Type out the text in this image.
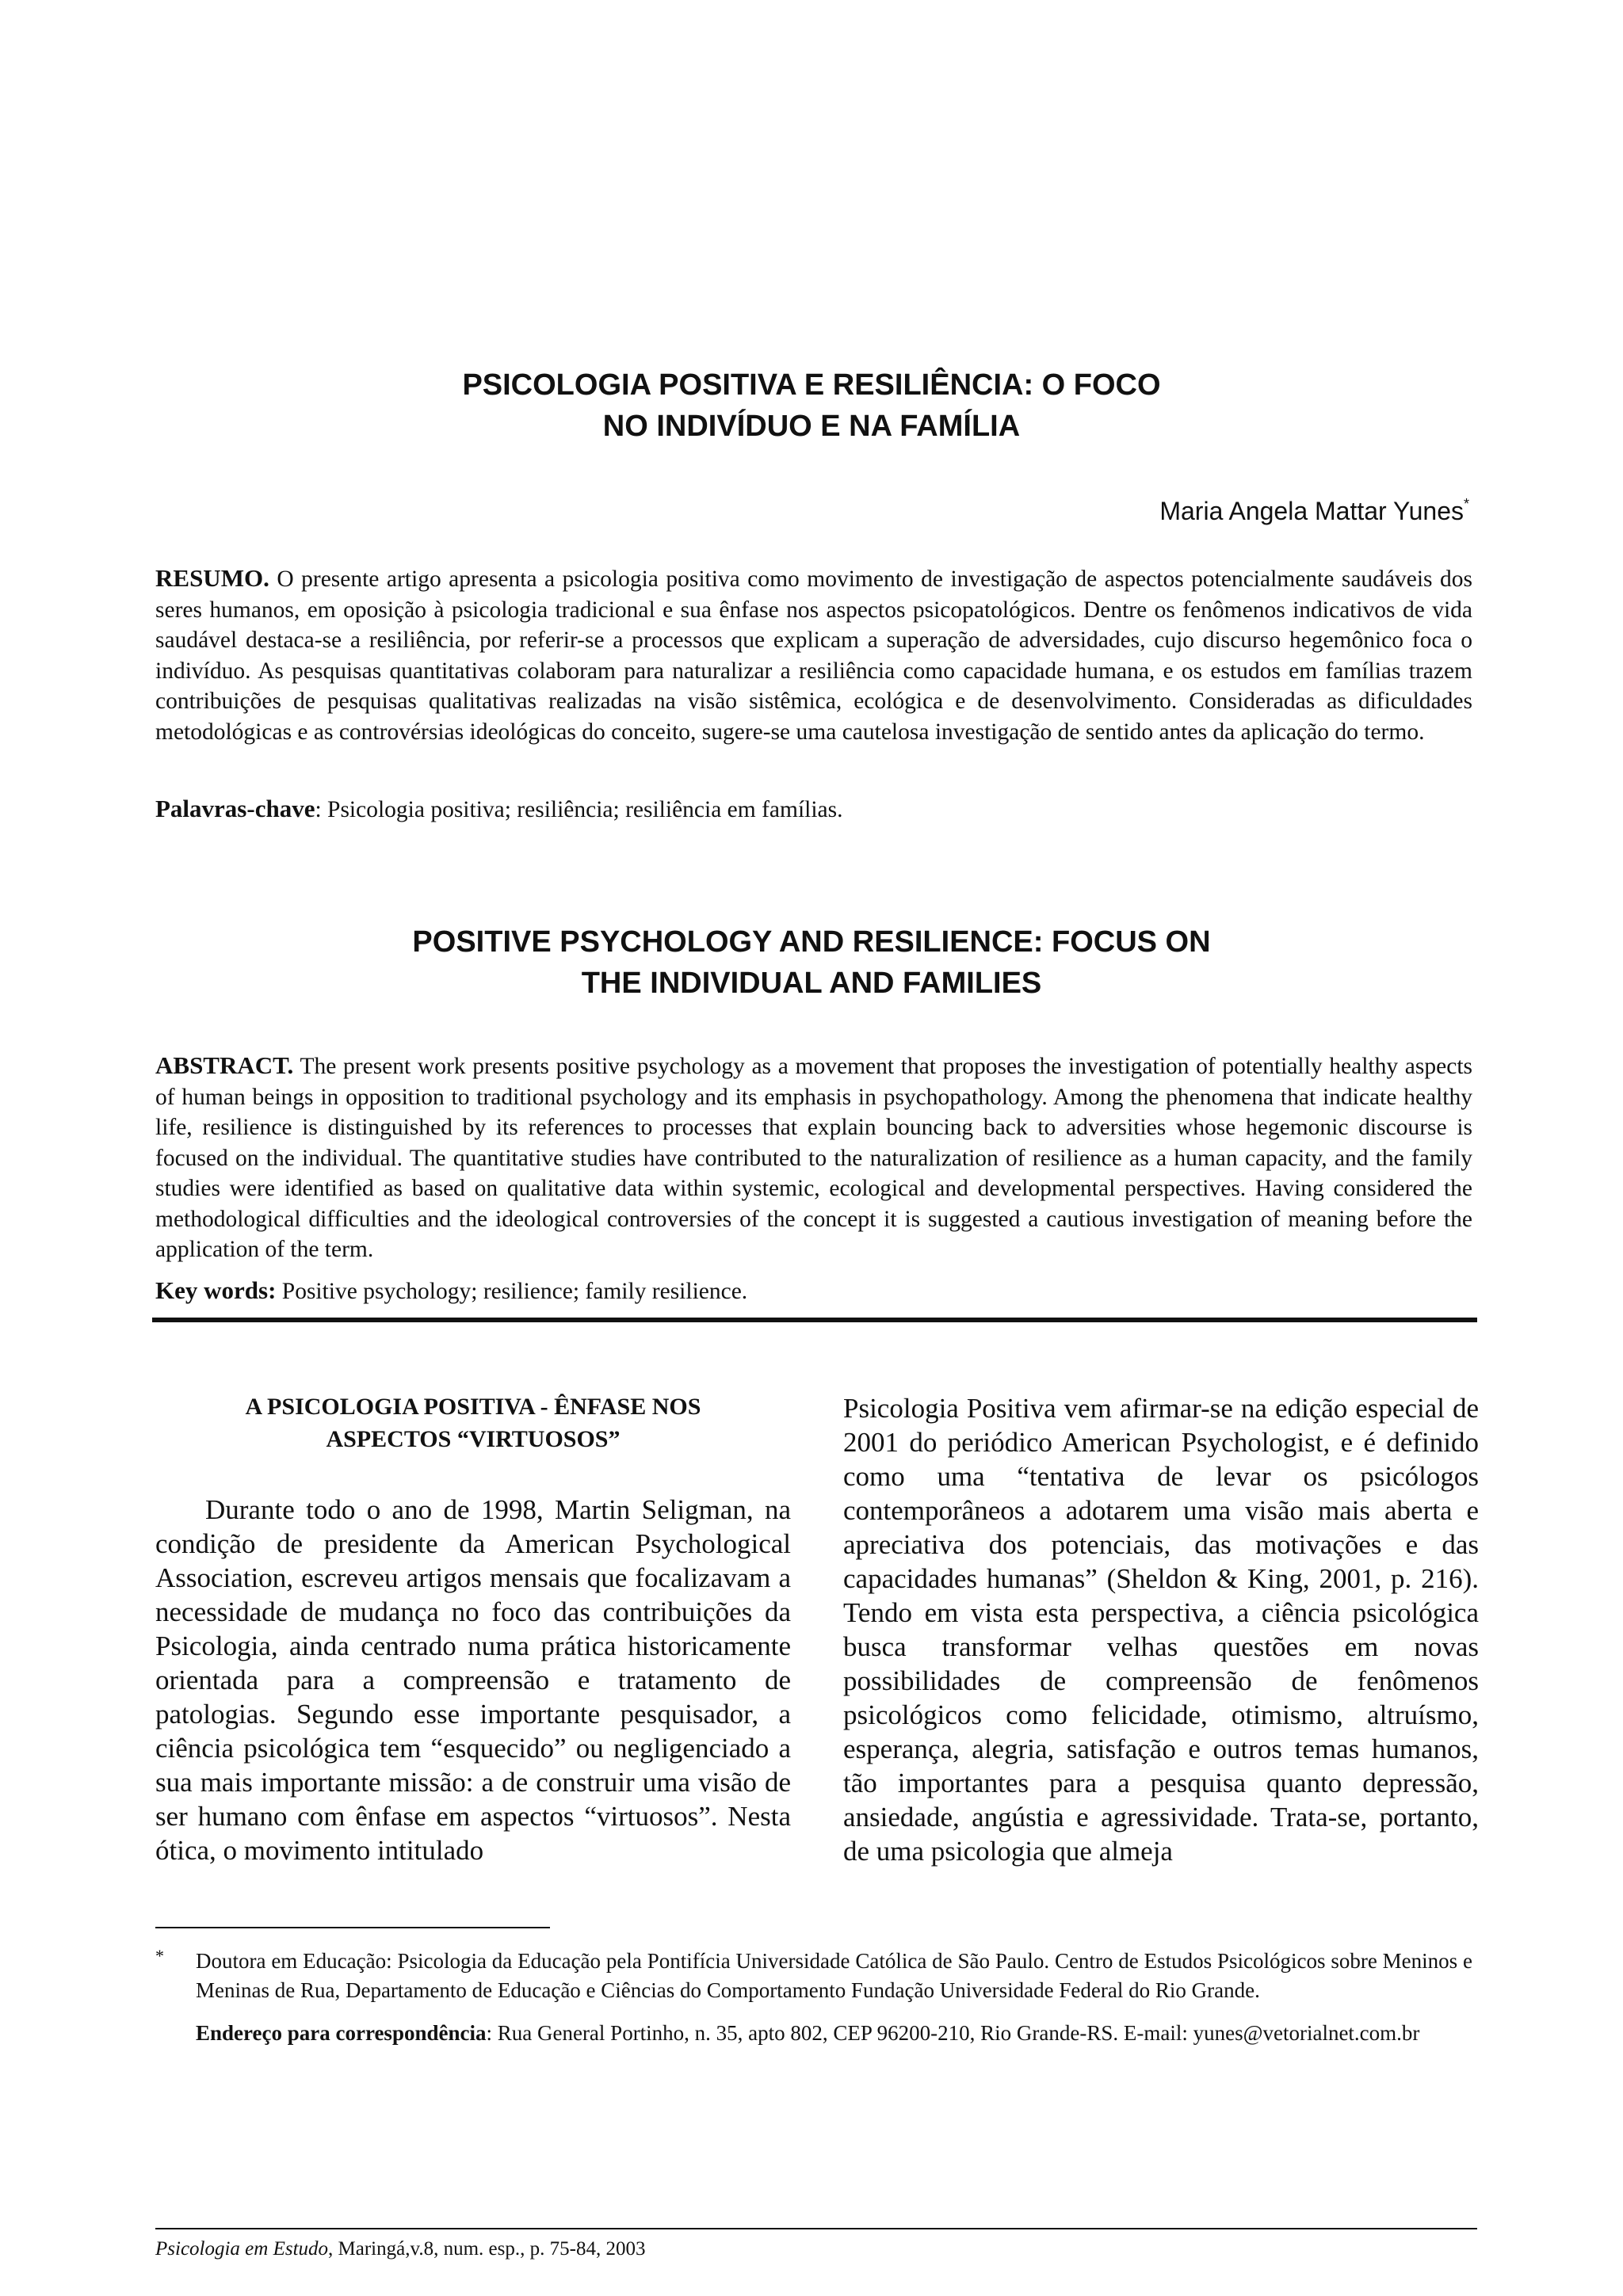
PSICOLOGIA POSITIVA E RESILIÊNCIA: O FOCO
NO INDIVÍDUO E NA FAMÍLIA
Maria Angela Mattar Yunes*

RESUMO. O presente artigo apresenta a psicologia positiva como movimento de investigação de aspectos potencialmente saudáveis dos seres humanos, em oposição à psicologia tradicional e sua ênfase nos aspectos psicopatológicos. Dentre os fenômenos indicativos de vida saudável destaca-se a resiliência, por referir-se a processos que explicam a superação de adversidades, cujo discurso hegemônico foca o indivíduo. As pesquisas quantitativas colaboram para naturalizar a resiliência como capacidade humana, e os estudos em famílias trazem contribuições de pesquisas qualitativas realizadas na visão sistêmica, ecológica e de desenvolvimento. Consideradas as dificuldades metodológicas e as controvérsias ideológicas do conceito, sugere-se uma cautelosa investigação de sentido antes da aplicação do termo.

Palavras-chave: Psicologia positiva; resiliência; resiliência em famílias.

POSITIVE PSYCHOLOGY AND RESILIENCE: FOCUS ON
THE INDIVIDUAL AND FAMILIES

ABSTRACT. The present work presents positive psychology as a movement that proposes the investigation of potentially healthy aspects of human beings in opposition to traditional psychology and its emphasis in psychopathology. Among the phenomena that indicate healthy life, resilience is distinguished by its references to processes that explain bouncing back to adversities whose hegemonic discourse is focused on the individual. The quantitative studies have contributed to the naturalization of resilience as a human capacity, and the family studies were identified as based on qualitative data within systemic, ecological and developmental perspectives. Having considered the methodological difficulties and the ideological controversies of the concept it is suggested a cautious investigation of meaning before the application of the term.

Key words: Positive psychology; resilience; family resilience.

A PSICOLOGIA POSITIVA - ÊNFASE NOS
ASPECTOS “VIRTUOSOS”

Durante todo o ano de 1998, Martin Seligman, na condição de presidente da American Psychological Association, escreveu artigos mensais que focalizavam a necessidade de mudança no foco das contribuições da Psicologia, ainda centrado numa prática historicamente orientada para a compreensão e tratamento de patologias. Segundo esse importante pesquisador, a ciência psicológica tem “esquecido” ou negligenciado a sua mais importante missão: a de construir uma visão de ser humano com ênfase em aspectos “virtuosos”. Nesta ótica, o movimento intitulado

Psicologia Positiva vem afirmar-se na edição especial de 2001 do periódico American Psychologist, e é definido como uma “tentativa de levar os psicólogos contemporâneos a adotarem uma visão mais aberta e apreciativa dos potenciais, das motivações e das capacidades humanas” (Sheldon & King, 2001, p. 216). Tendo em vista esta perspectiva, a ciência psicológica busca transformar velhas questões em novas possibilidades de compreensão de fenômenos psicológicos como felicidade, otimismo, altruísmo, esperança, alegria, satisfação e outros temas humanos, tão importantes para a pesquisa quanto depressão, ansiedade, angústia e agressividade. Trata-se, portanto, de uma psicologia que almeja

* Doutora em Educação: Psicologia da Educação pela Pontifícia Universidade Católica de São Paulo. Centro de Estudos Psicológicos sobre Meninos e Meninas de Rua, Departamento de Educação e Ciências do Comportamento Fundação Universidade Federal do Rio Grande.

Endereço para correspondência: Rua General Portinho, n. 35, apto 802, CEP 96200-210, Rio Grande-RS. E-mail: yunes@vetorialnet.com.br

Psicologia em Estudo, Maringá,v.8, num. esp., p. 75-84, 2003
